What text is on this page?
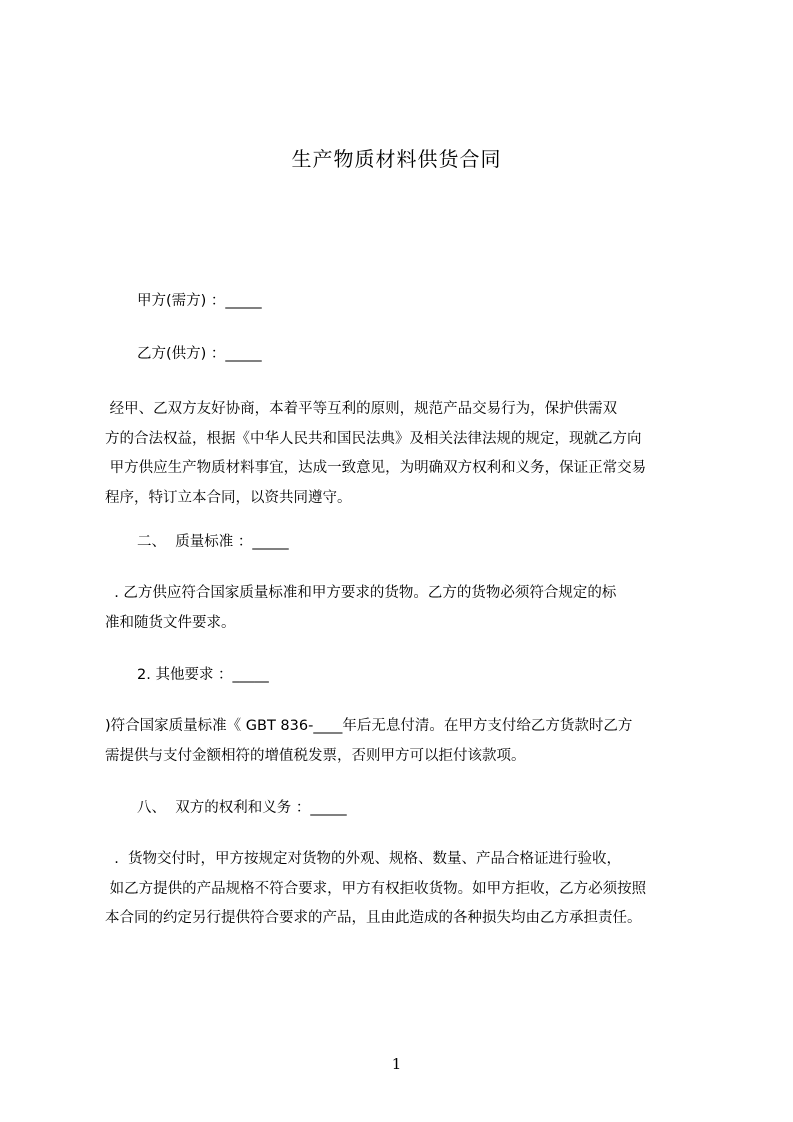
生产物质材料供货合同
甲方(需方) ：_____
乙方(供方) ：_____
经甲、乙双方友好协商，本着平等互利的原则，规范产品交易行为，保护供需双
方的合法权益，根据《中华人民共和国民法典》及相关法律法规的规定，现就乙方向
甲方供应生产物质材料事宜，达成一致意见，为明确双方权利和义务，保证正常交易
程序，特订立本合同，以资共同遵守。
二、  质量标准 ：_____
. 乙方供应符合国家质量标准和甲方要求的货物。乙方的货物必须符合规定的标
准和随货文件要求。
2. 其他要求 ：_____
)符合国家质量标准《 GBT 836-____年后无息付清。在甲方支付给乙方货款时乙方
需提供与支付金额相符的增值税发票，否则甲方可以拒付该款项。
八、  双方的权利和义务 ：_____
.  货物交付时，甲方按规定对货物的外观、规格、数量、产品合格证进行验收，
如乙方提供的产品规格不符合要求，甲方有权拒收货物。如甲方拒收，乙方必须按照
本合同的约定另行提供符合要求的产品，且由此造成的各种损失均由乙方承担责任。
1
